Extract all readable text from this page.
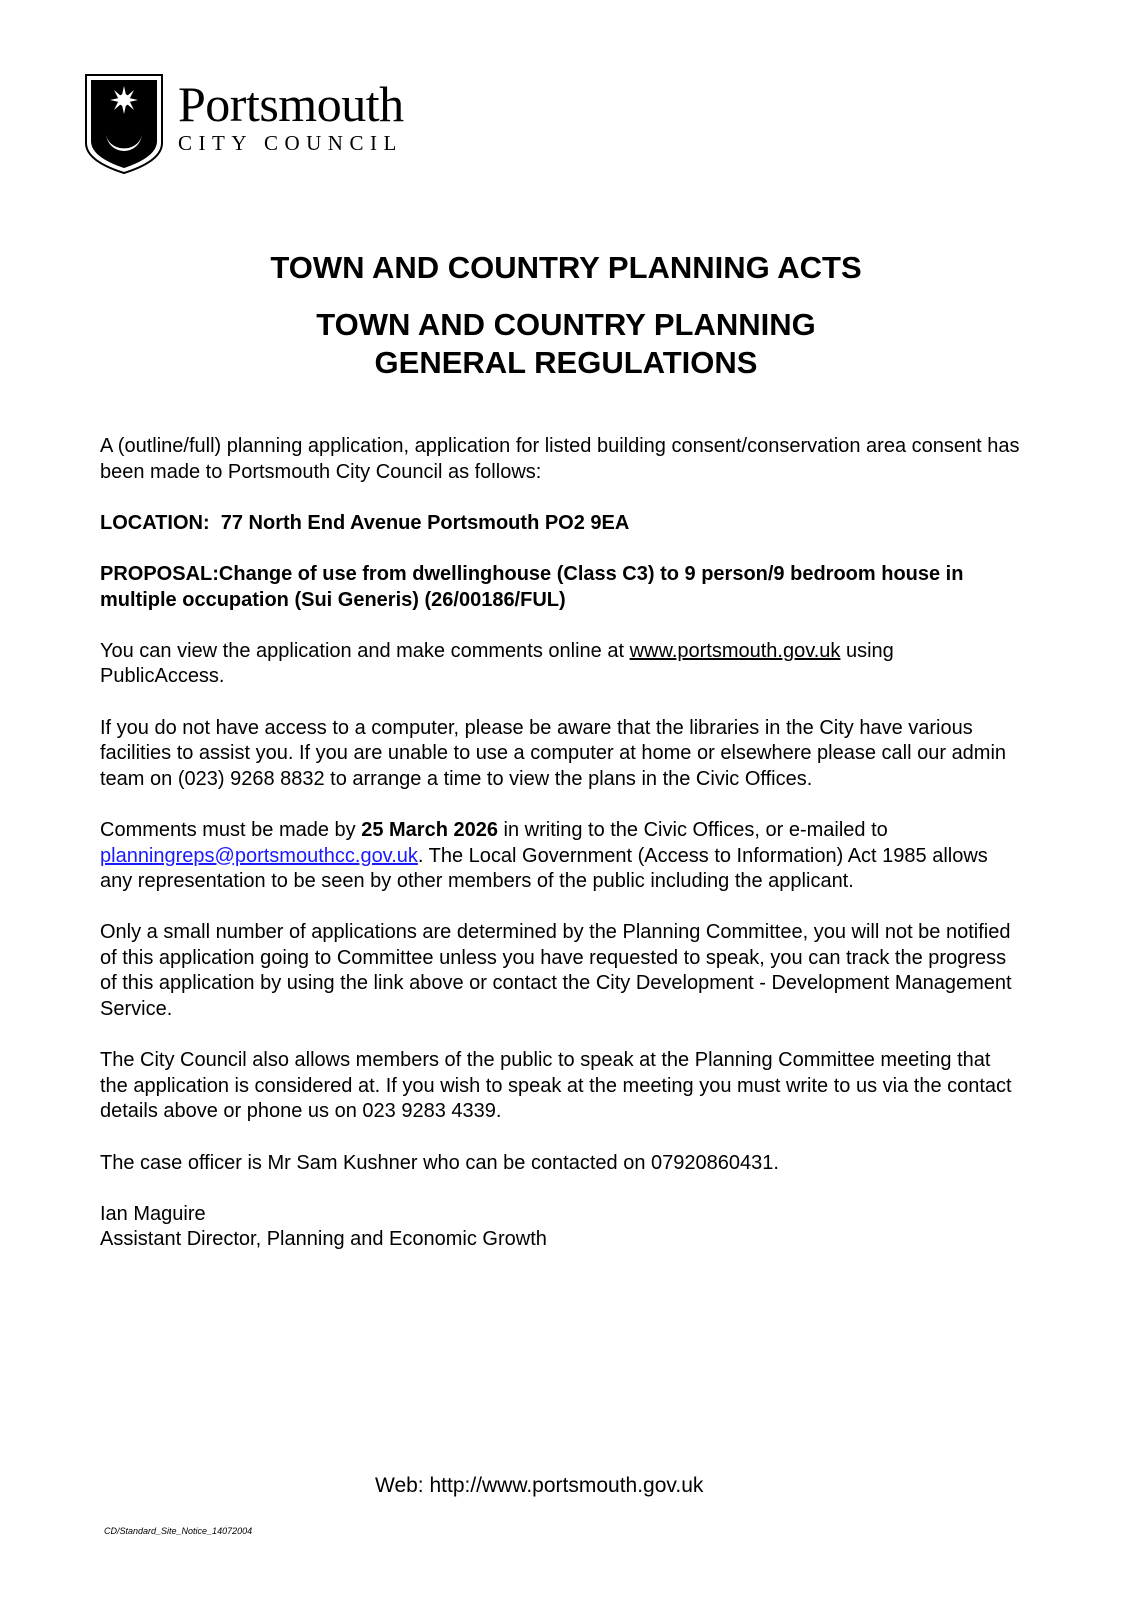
Portsmouth
CITY COUNCIL
TOWN AND COUNTRY PLANNING ACTS
TOWN AND COUNTRY PLANNING
GENERAL REGULATIONS

A (outline/full) planning application, application for listed building consent/conservation area consent has been made to Portsmouth City Council as follows:

LOCATION: 77 North End Avenue Portsmouth PO2 9EA

PROPOSAL:Change of use from dwellinghouse (Class C3) to 9 person/9 bedroom house in multiple occupation (Sui Generis) (26/00186/FUL)

You can view the application and make comments online at www.portsmouth.gov.uk using PublicAccess.

If you do not have access to a computer, please be aware that the libraries in the City have various facilities to assist you. If you are unable to use a computer at home or elsewhere please call our admin team on (023) 9268 8832 to arrange a time to view the plans in the Civic Offices.

Comments must be made by 25 March 2026 in writing to the Civic Offices, or e-mailed to planningreps@portsmouthcc.gov.uk. The Local Government (Access to Information) Act 1985 allows any representation to be seen by other members of the public including the applicant.

Only a small number of applications are determined by the Planning Committee, you will not be notified of this application going to Committee unless you have requested to speak, you can track the progress of this application by using the link above or contact the City Development - Development Management Service.

The City Council also allows members of the public to speak at the Planning Committee meeting that the application is considered at. If you wish to speak at the meeting you must write to us via the contact details above or phone us on 023 9283 4339.

The case officer is Mr Sam Kushner who can be contacted on 07920860431.

Ian Maguire
Assistant Director, Planning and Economic Growth
Web: http://www.portsmouth.gov.uk
CD/Standard_Site_Notice_14072004
